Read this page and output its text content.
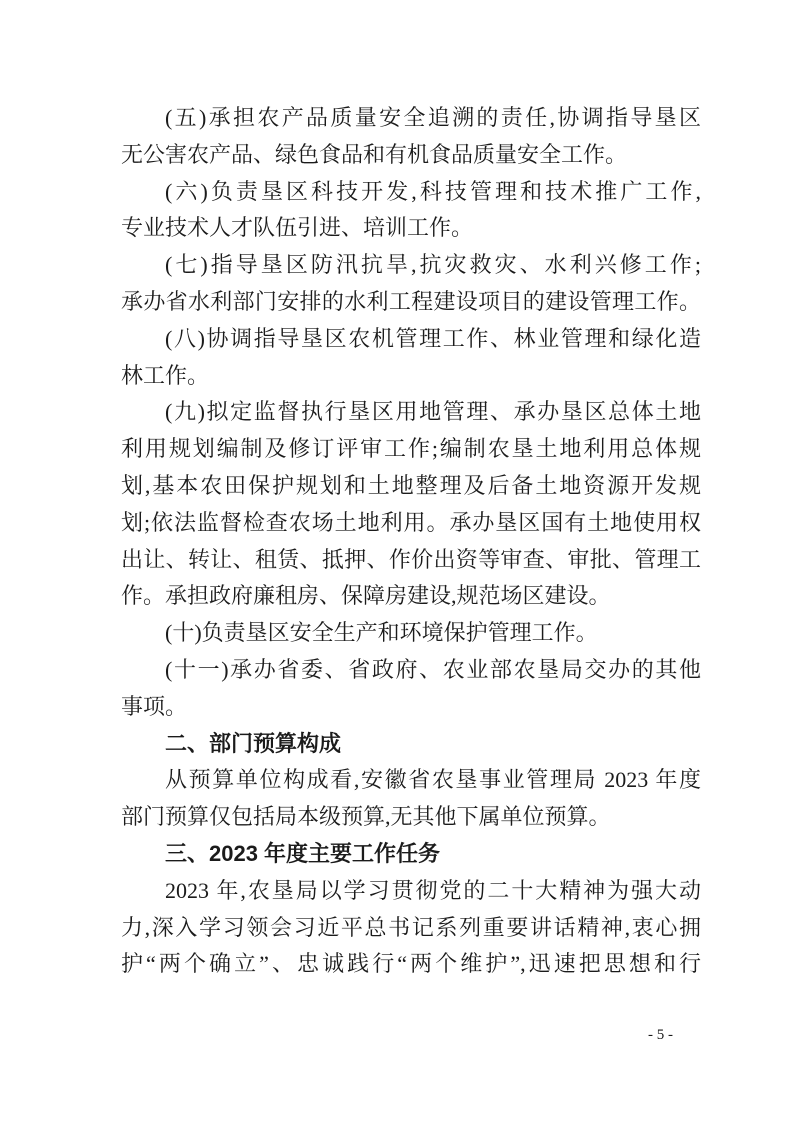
(五)承担农产品质量安全追溯的责任,协调指导垦区
无公害农产品、绿色食品和有机食品质量安全工作。
(六)负责垦区科技开发,科技管理和技术推广工作,
专业技术人才队伍引进、培训工作。
(七)指导垦区防汛抗旱,抗灾救灾、水利兴修工作;
承办省水利部门安排的水利工程建设项目的建设管理工作。
(八)协调指导垦区农机管理工作、林业管理和绿化造
林工作。
(九)拟定监督执行垦区用地管理、承办垦区总体土地
利用规划编制及修订评审工作;编制农垦土地利用总体规
划,基本农田保护规划和土地整理及后备土地资源开发规
划;依法监督检查农场土地利用。承办垦区国有土地使用权
出让、转让、租赁、抵押、作价出资等审查、审批、管理工
作。承担政府廉租房、保障房建设,规范场区建设。
(十)负责垦区安全生产和环境保护管理工作。
(十一)承办省委、省政府、农业部农垦局交办的其他
事项。
二、部门预算构成
从预算单位构成看,安徽省农垦事业管理局 2023 年度
部门预算仅包括局本级预算,无其他下属单位预算。
三、2023 年度主要工作任务
2023 年,农垦局以学习贯彻党的二十大精神为强大动
力,深入学习领会习近平总书记系列重要讲话精神,衷心拥
护“两个确立”、忠诚践行“两个维护”,迅速把思想和行
- 5 -
